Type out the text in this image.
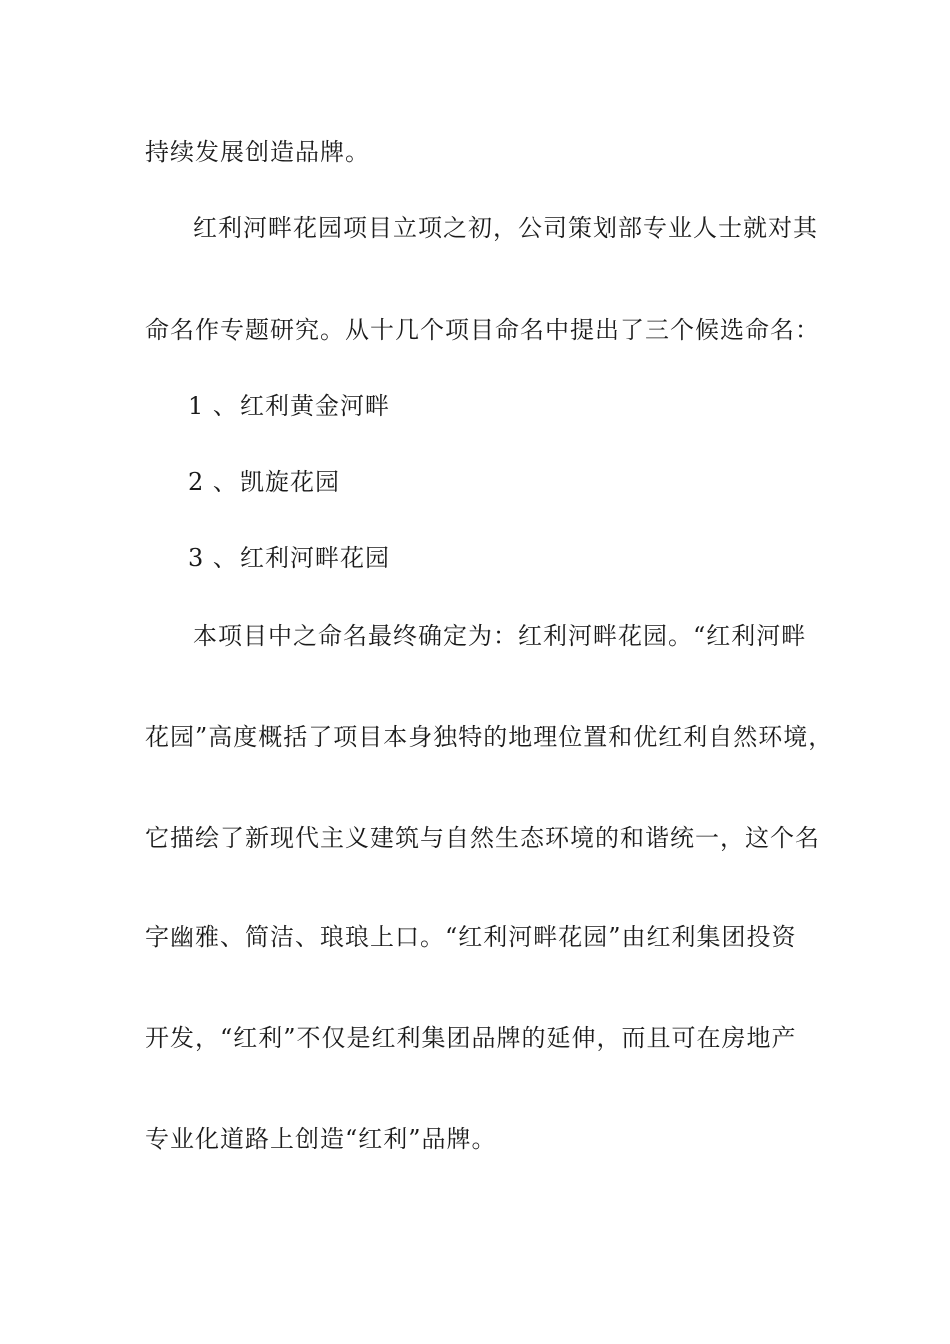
持续发展创造品牌。
红利河畔花园项目立项之初，公司策划部专业人士就对其
命名作专题研究。从十几个项目命名中提出了三个候选命名：
1 、红利黄金河畔
2 、凯旋花园
3 、红利河畔花园
本项目中之命名最终确定为：红利河畔花园。“红利河畔
花园”高度概括了项目本身独特的地理位置和优红利自然环境，
它描绘了新现代主义建筑与自然生态环境的和谐统一，这个名
字幽雅、简洁、琅琅上口。“红利河畔花园”由红利集团投资
开发，“红利”不仅是红利集团品牌的延伸，而且可在房地产
专业化道路上创造“红利”品牌。
